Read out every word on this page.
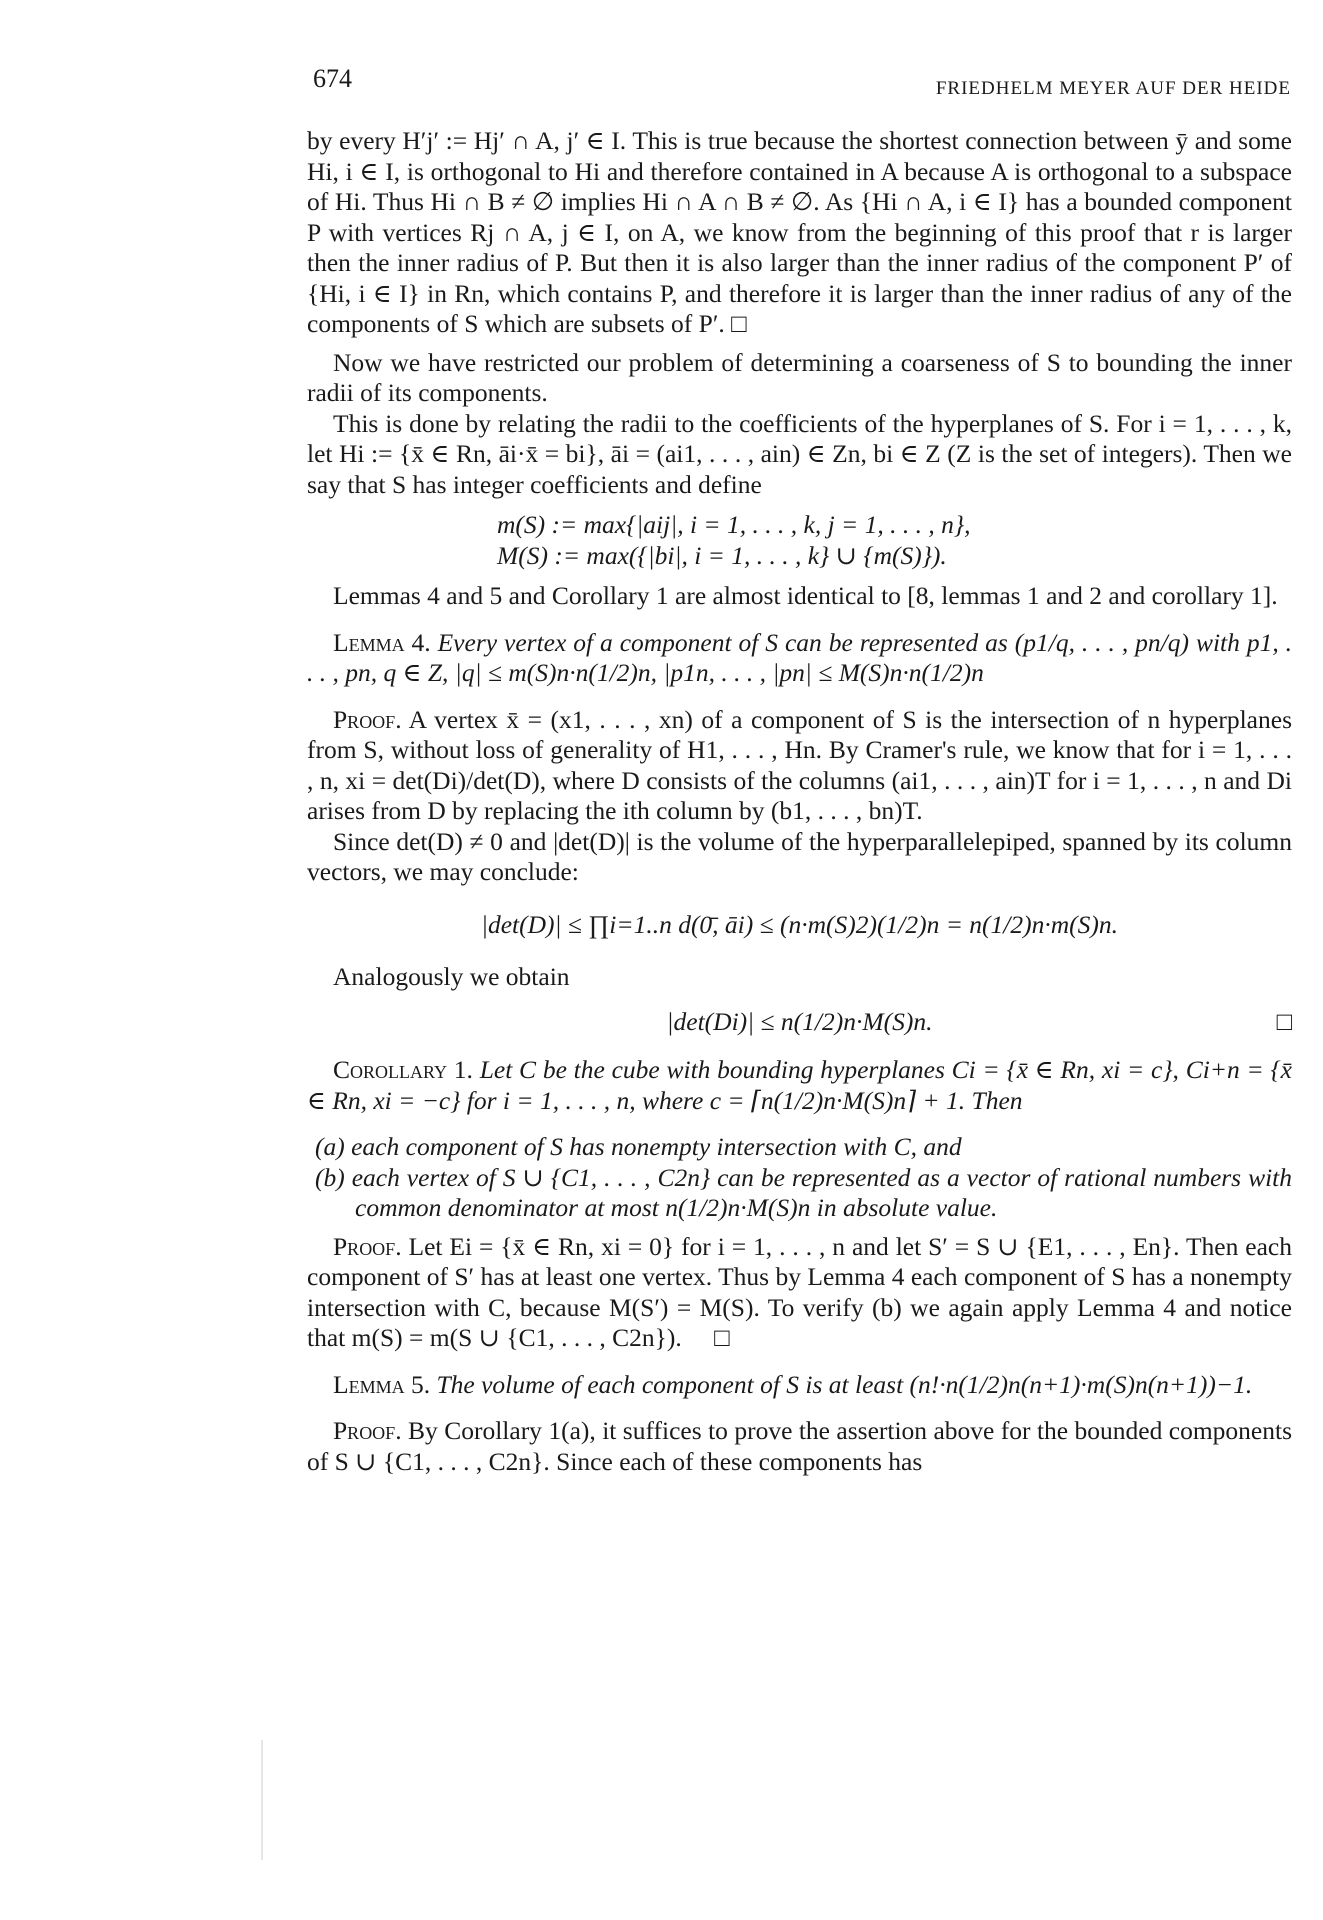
674	FRIEDHELM MEYER AUF DER HEIDE

by every H′j′ := Hj′ ∩ A, j′ ∈ I. This is true because the shortest connection between ȳ and some Hi, i ∈ I, is orthogonal to Hi and therefore contained in A because A is orthogonal to a subspace of Hi. Thus Hi ∩ B ≠ ∅ implies Hi ∩ A ∩ B ≠ ∅. As {Hi ∩ A, i ∈ I} has a bounded component P with vertices Rj ∩ A, j ∈ I, on A, we know from the beginning of this proof that r is larger then the inner radius of P. But then it is also larger than the inner radius of the component P′ of {Hi, i ∈ I} in Rn, which contains P, and therefore it is larger than the inner radius of any of the components of S which are subsets of P′. □

Now we have restricted our problem of determining a coarseness of S to bounding the inner radii of its components.

This is done by relating the radii to the coefficients of the hyperplanes of S. For i = 1, . . . , k, let Hi := {x̄ ∈ Rn, āi·x̄ = bi}, āi = (ai1, . . . , ain) ∈ Zn, bi ∈ Z (Z is the set of integers). Then we say that S has integer coefficients and define

m(S) := max{|aij|, i = 1, . . . , k, j = 1, . . . , n},
M(S) := max({|bi|, i = 1, . . . , k} ∪ {m(S)}).

Lemmas 4 and 5 and Corollary 1 are almost identical to [8, lemmas 1 and 2 and corollary 1].

Lemma 4. Every vertex of a component of S can be represented as (p1/q, . . . , pn/q) with p1, . . . , pn, q ∈ Z, |q| ≤ m(S)n·n(1/2)n, |p1n, . . . , |pn| ≤ M(S)n·n(1/2)n

Proof. A vertex x̄ = (x1, . . . , xn) of a component of S is the intersection of n hyperplanes from S, without loss of generality of H1, . . . , Hn. By Cramer's rule, we know that for i = 1, . . . , n, xi = det(Di)/det(D), where D consists of the columns (ai1, . . . , ain)T for i = 1, . . . , n and Di arises from D by replacing the ith column by (b1, . . . , bn)T.

Since det(D) ≠ 0 and |det(D)| is the volume of the hyperparallelepiped, spanned by its column vectors, we may conclude:

|det(D)| ≤ ∏i=1..n d(0̄, āi) ≤ (n·m(S)2)(1/2)n = n(1/2)n·m(S)n.

Analogously we obtain

|det(Di)| ≤ n(1/2)n·M(S)n.	□

Corollary 1. Let C be the cube with bounding hyperplanes Ci = {x̄ ∈ Rn, xi = c}, Ci+n = {x̄ ∈ Rn, xi = −c} for i = 1, . . . , n, where c = ⌈n(1/2)n·M(S)n⌉ + 1. Then

(a) each component of S has nonempty intersection with C, and

(b) each vertex of S ∪ {C1, . . . , C2n} can be represented as a vector of rational numbers with common denominator at most n(1/2)n·M(S)n in absolute value.

Proof. Let Ei = {x̄ ∈ Rn, xi = 0} for i = 1, . . . , n and let S′ = S ∪ {E1, . . . , En}. Then each component of S′ has at least one vertex. Thus by Lemma 4 each component of S has a nonempty intersection with C, because M(S′) = M(S). To verify (b) we again apply Lemma 4 and notice that m(S) = m(S ∪ {C1, . . . , C2n}). □

Lemma 5. The volume of each component of S is at least (n!·n(1/2)n(n+1)·m(S)n(n+1))−1.

Proof. By Corollary 1(a), it suffices to prove the assertion above for the bounded components of S ∪ {C1, . . . , C2n}. Since each of these components has
